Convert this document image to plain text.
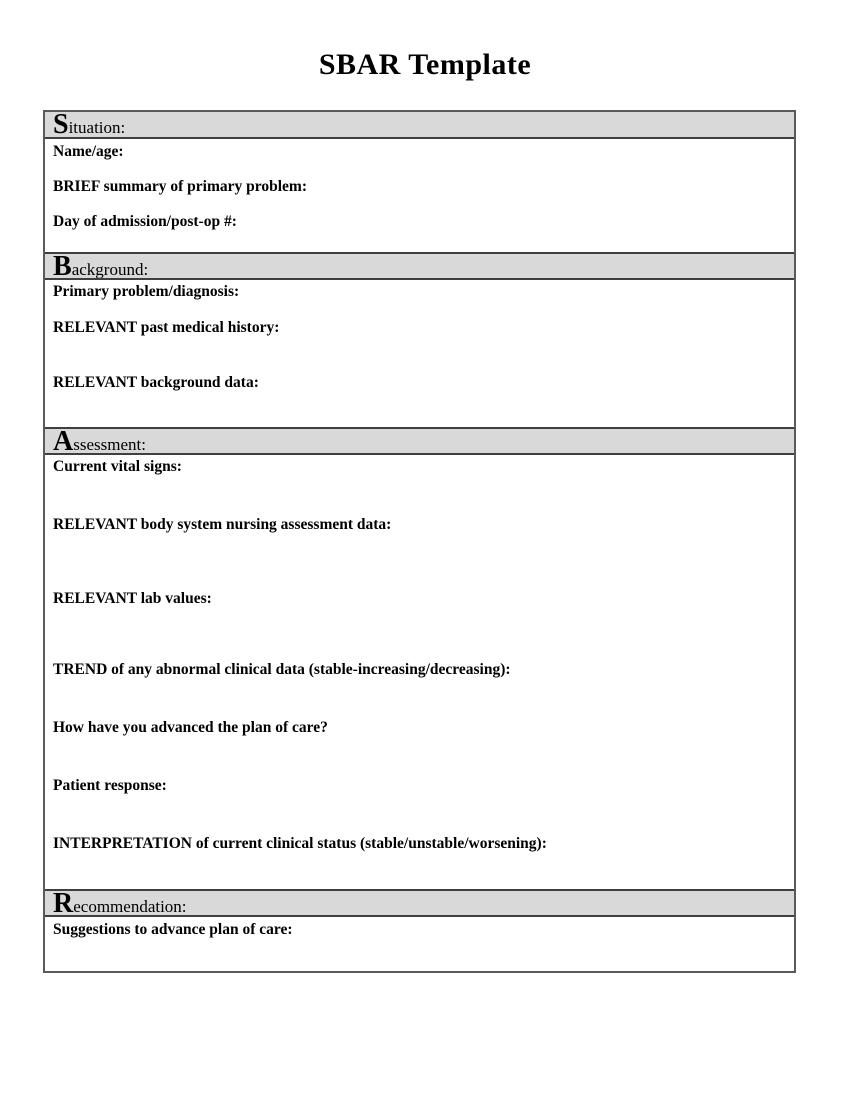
SBAR Template
S ituation:

Name/age:

BRIEF summary of primary problem:

Day of admission/post-op #:

B ackground:

Primary problem/diagnosis:

RELEVANT past medical history:

RELEVANT background data:

A ssessment:

Current vital signs:

RELEVANT body system nursing assessment data:

RELEVANT lab values:

TREND of any abnormal clinical data (stable-increasing/decreasing):

How have you advanced the plan of care?

Patient response:

INTERPRETATION of current clinical status (stable/unstable/worsening):

R ecommendation:

Suggestions to advance plan of care:
